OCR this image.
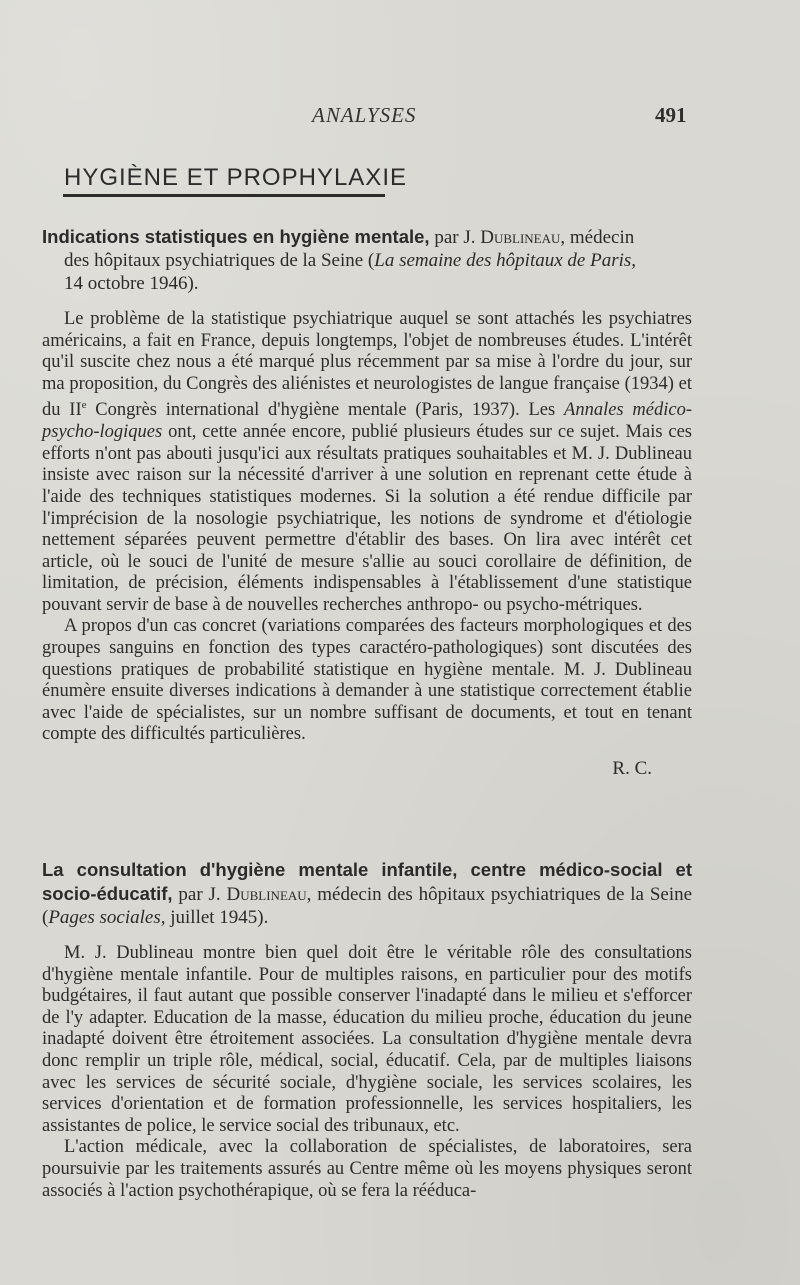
ANALYSES	491
HYGIÈNE ET PROPHYLAXIE
Indications statistiques en hygiène mentale, par J. Dublineau, médecin
des hôpitaux psychiatriques de la Seine (La semaine des hôpitaux de Paris,
14 octobre 1946).

Le problème de la statistique psychiatrique auquel se sont attachés les psychiatres américains, a fait en France, depuis longtemps, l'objet de nombreuses études. L'intérêt qu'il suscite chez nous a été marqué plus récemment par sa mise à l'ordre du jour, sur ma proposition, du Congrès des aliénistes et neurologistes de langue française (1934) et du IIe Congrès international d'hygiène mentale (Paris, 1937). Les Annales médico-psycho-logiques ont, cette année encore, publié plusieurs études sur ce sujet. Mais ces efforts n'ont pas abouti jusqu'ici aux résultats pratiques souhaitables et M. J. Dublineau insiste avec raison sur la nécessité d'arriver à une solution en reprenant cette étude à l'aide des techniques statistiques modernes. Si la solution a été rendue difficile par l'imprécision de la nosologie psychiatrique, les notions de syndrome et d'étiologie nettement séparées peuvent permettre d'établir des bases. On lira avec intérêt cet article, où le souci de l'unité de mesure s'allie au souci corollaire de définition, de limitation, de précision, éléments indispensables à l'établissement d'une statistique pouvant servir de base à de nouvelles recherches anthropo- ou psycho-métriques.

A propos d'un cas concret (variations comparées des facteurs morphologiques et des groupes sanguins en fonction des types caractéro-pathologiques) sont discutées des questions pratiques de probabilité statistique en hygiène mentale. M. J. Dublineau énumère ensuite diverses indications à demander à une statistique correctement établie avec l'aide de spécialistes, sur un nombre suffisant de documents, et tout en tenant compte des difficultés particulières.

R. C.
La consultation d'hygiène mentale infantile, centre médico-social et socio-éducatif, par J. Dublineau, médecin des hôpitaux psychiatriques de la Seine (Pages sociales, juillet 1945).

M. J. Dublineau montre bien quel doit être le véritable rôle des consultations d'hygiène mentale infantile. Pour de multiples raisons, en particulier pour des motifs budgétaires, il faut autant que possible conserver l'inadapté dans le milieu et s'efforcer de l'y adapter. Education de la masse, éducation du milieu proche, éducation du jeune inadapté doivent être étroitement associées. La consultation d'hygiène mentale devra donc remplir un triple rôle, médical, social, éducatif. Cela, par de multiples liaisons avec les services de sécurité sociale, d'hygiène sociale, les services scolaires, les services d'orientation et de formation professionnelle, les services hospitaliers, les assistantes de police, le service social des tribunaux, etc.

L'action médicale, avec la collaboration de spécialistes, de laboratoires, sera poursuivie par les traitements assurés au Centre même où les moyens physiques seront associés à l'action psychothérapique, où se fera la rééduca-
